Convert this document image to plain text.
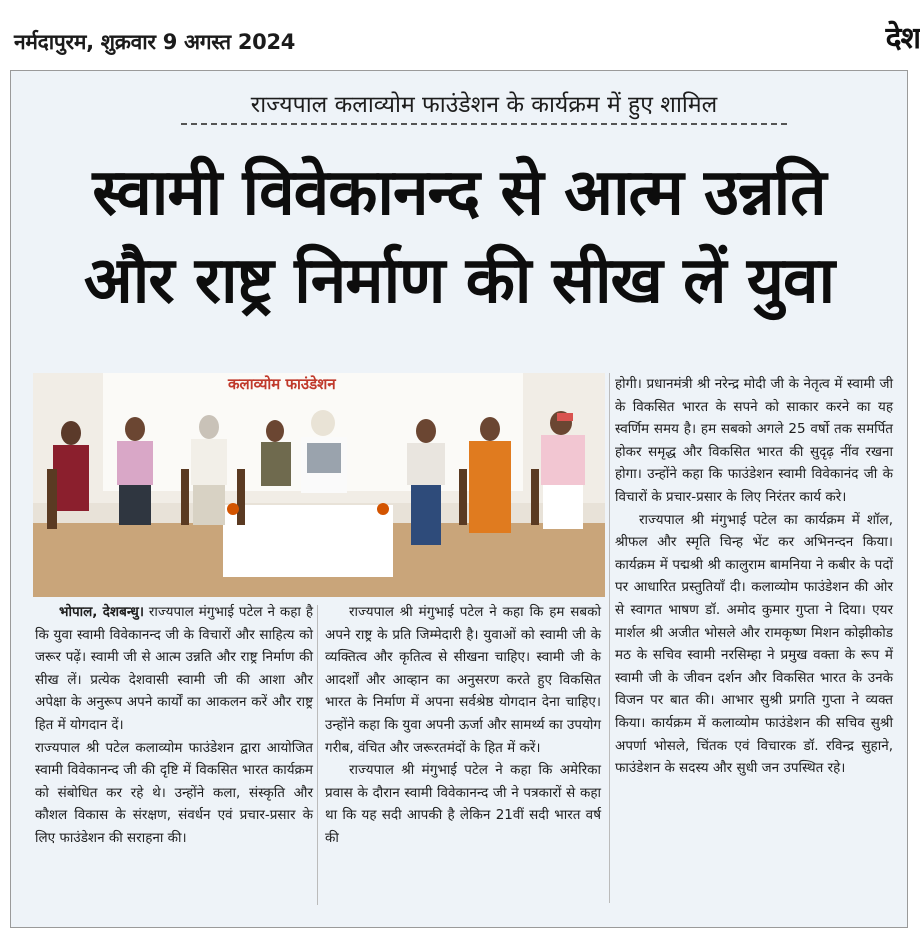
नर्मदापुरम, शुक्रवार 9 अगस्त 2024	देश
राज्यपाल कलाव्योम फाउंडेशन के कार्यक्रम में हुए शामिल
स्वामी विवेकानन्द से आत्म उन्नति
और राष्ट्र निर्माण की सीख लें युवा
कलाव्योम फाउंडेशन

भोपाल, देशबन्धु। राज्यपाल मंगुभाई पटेल ने कहा है कि युवा स्वामी विवेकानन्द जी के विचारों और साहित्य को जरूर पढ़ें। स्वामी जी से आत्म उन्नति और राष्ट्र निर्माण की सीख लें। प्रत्येक देशवासी स्वामी जी की आशा और अपेक्षा के अनुरूप अपने कार्यों का आकलन करें और राष्ट्र हित में योगदान दें।

राज्यपाल श्री पटेल कलाव्योम फाउंडेशन द्वारा आयोजित स्वामी विवेकानन्द जी की दृष्टि में विकसित भारत कार्यक्रम को संबोधित कर रहे थे। उन्होंने कला, संस्कृति और कौशल विकास के संरक्षण, संवर्धन एवं प्रचार-प्रसार के लिए फाउंडेशन की सराहना की।

राज्यपाल श्री मंगुभाई पटेल ने कहा कि हम सबको अपने राष्ट्र के प्रति जिम्मेदारी है। युवाओं को स्वामी जी के व्यक्तित्व और कृतित्व से सीखना चाहिए। स्वामी जी के आदर्शों और आव्हान का अनुसरण करते हुए विकसित भारत के निर्माण में अपना सर्वश्रेष्ठ योगदान देना चाहिए। उन्होंने कहा कि युवा अपनी ऊर्जा और सामर्थ्य का उपयोग गरीब, वंचित और जरूरतमंदों के हित में करें।

राज्यपाल श्री मंगुभाई पटेल ने कहा कि अमेरिका प्रवास के दौरान स्वामी विवेकानन्द जी ने पत्रकारों से कहा था कि यह सदी आपकी है लेकिन 21वीं सदी भारत वर्ष की

होगी। प्रधानमंत्री श्री नरेन्द्र मोदी जी के नेतृत्व में स्वामी जी के विकसित भारत के सपने को साकार करने का यह स्वर्णिम समय है। हम सबको अगले 25 वर्षो तक समर्पित होकर समृद्ध और विकसित भारत की सुदृढ़ नींव रखना होगा। उन्होंने कहा कि फाउंडेशन स्वामी विवेकानंद जी के विचारों के प्रचार-प्रसार के लिए निरंतर कार्य करे।

राज्यपाल श्री मंगुभाई पटेल का कार्यक्रम में शॉल, श्रीफल और स्मृति चिन्ह भेंट कर अभिनन्दन किया। कार्यक्रम में पद्मश्री श्री कालुराम बामनिया ने कबीर के पदों पर आधारित प्रस्तुतियाँ दी। कलाव्योम फाउंडेशन की ओर से स्वागत भाषण डॉ. अमोद कुमार गुप्ता ने दिया। एयर मार्शल श्री अजीत भोसले और रामकृष्ण मिशन कोझीकोड मठ के सचिव स्वामी नरसिम्हा ने प्रमुख वक्ता के रूप में स्वामी जी के जीवन दर्शन और विकसित भारत के उनके विजन पर बात की। आभार सुश्री प्रगति गुप्ता ने व्यक्त किया। कार्यक्रम में कलाव्योम फाउंडेशन की सचिव सुश्री अपर्णा भोसले, चिंतक एवं विचारक डॉ. रविन्द्र सुहाने, फाउंडेशन के सदस्य और सुधी जन उपस्थित रहे।
